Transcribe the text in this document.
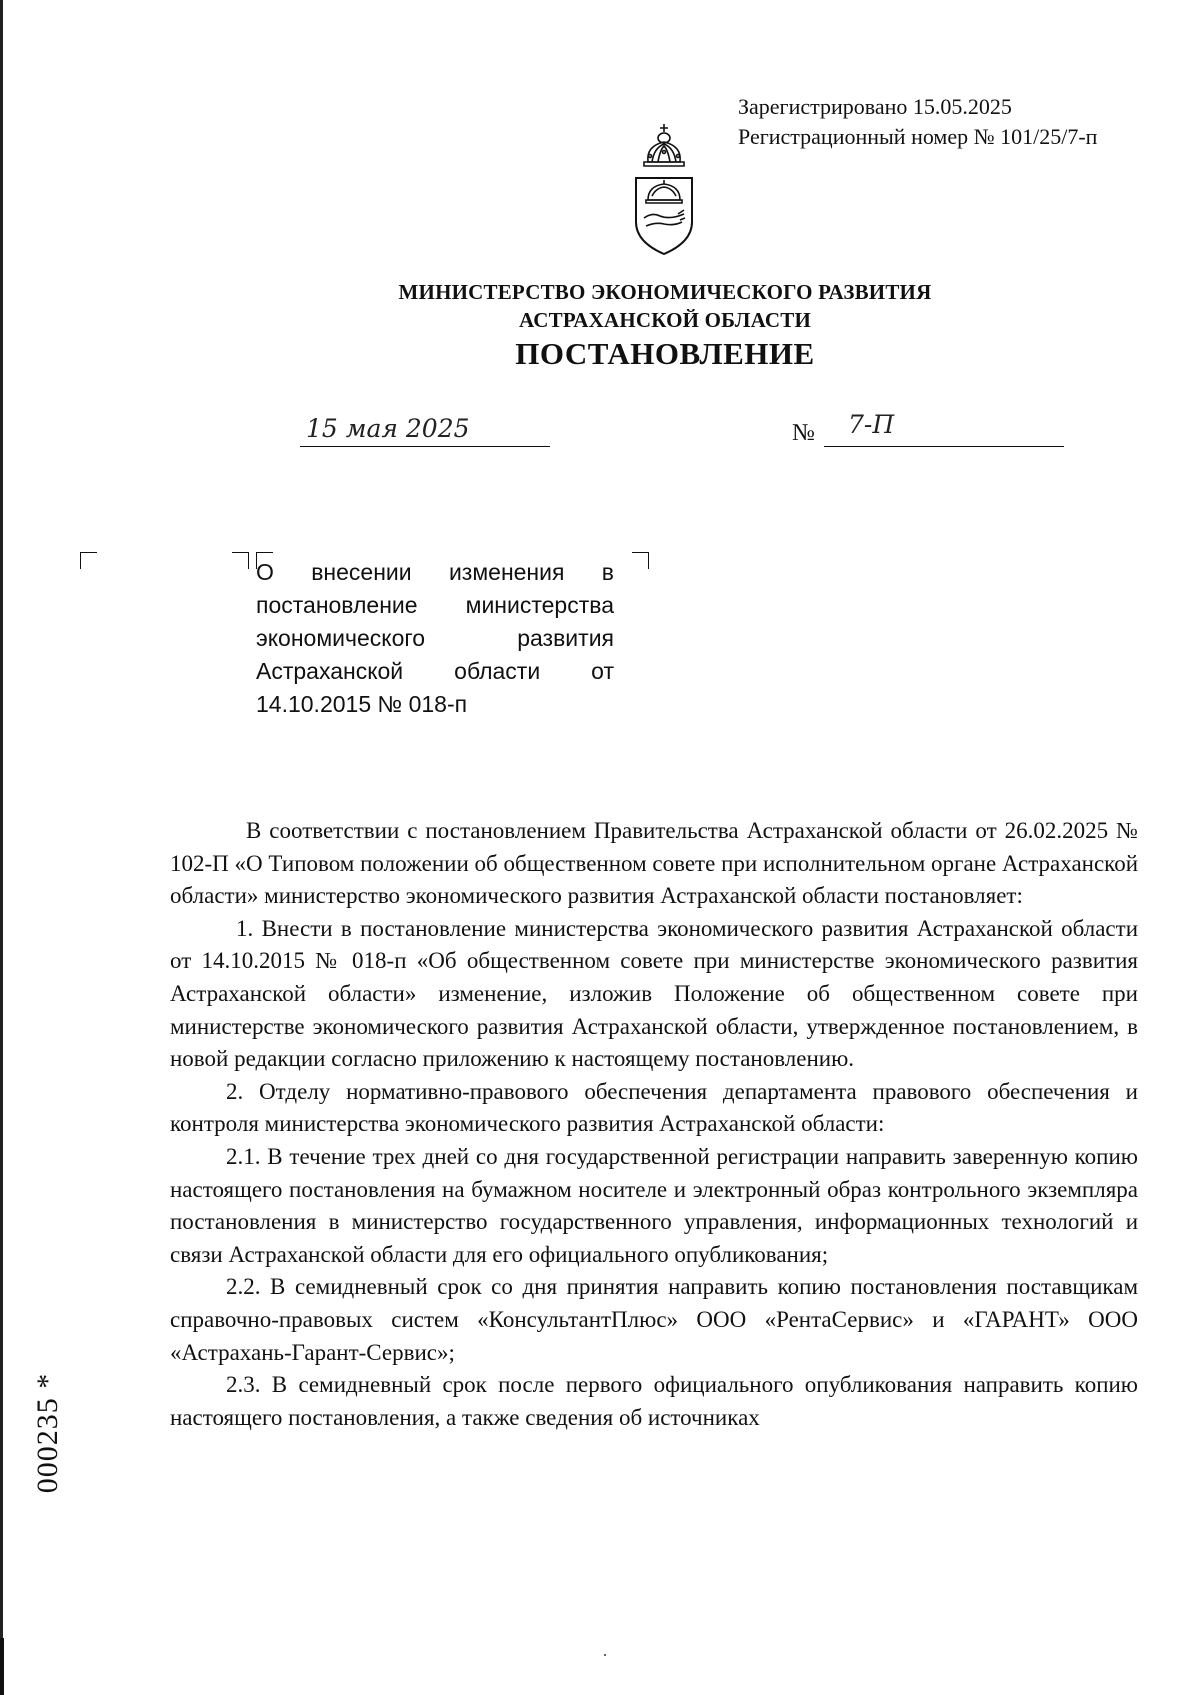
Зарегистрировано 15.05.2025
Регистрационный номер № 101/25/7-п
МИНИСТЕРСТВО ЭКОНОМИЧЕСКОГО РАЗВИТИЯ
АСТРАХАНСКОЙ ОБЛАСТИ
ПОСТАНОВЛЕНИЕ
15 мая 2025	№ 7-П
О внесении изменения в постановление министерства экономического развития Астраханской области от 14.10.2015 № 018-п

В соответствии с постановлением Правительства Астраханской области от 26.02.2025 № 102-П «О Типовом положении об общественном совете при исполнительном органе Астраханской области» министерство экономического развития Астраханской области постановляет:

1. Внести в постановление министерства экономического развития Астраханской области от 14.10.2015 № 018-п «Об общественном совете при министерстве экономического развития Астраханской области» изменение, изложив Положение об общественном совете при министерстве экономического развития Астраханской области, утвержденное постановлением, в новой редакции согласно приложению к настоящему постановлению.

2. Отделу нормативно-правового обеспечения департамента правового обеспечения и контроля министерства экономического развития Астраханской области:

2.1. В течение трех дней со дня государственной регистрации направить заверенную копию настоящего постановления на бумажном носителе и электронный образ контрольного экземпляра постановления в министерство государственного управления, информационных технологий и связи Астраханской области для его официального опубликования;

2.2. В семидневный срок со дня принятия направить копию постановления поставщикам справочно-правовых систем «КонсультантПлюс» ООО «РентаСервис» и «ГАРАНТ» ООО «Астрахань-Гарант-Сервис»;

2.3. В семидневный срок после первого официального опубликования направить копию настоящего постановления, а также сведения об источниках

000235 *
